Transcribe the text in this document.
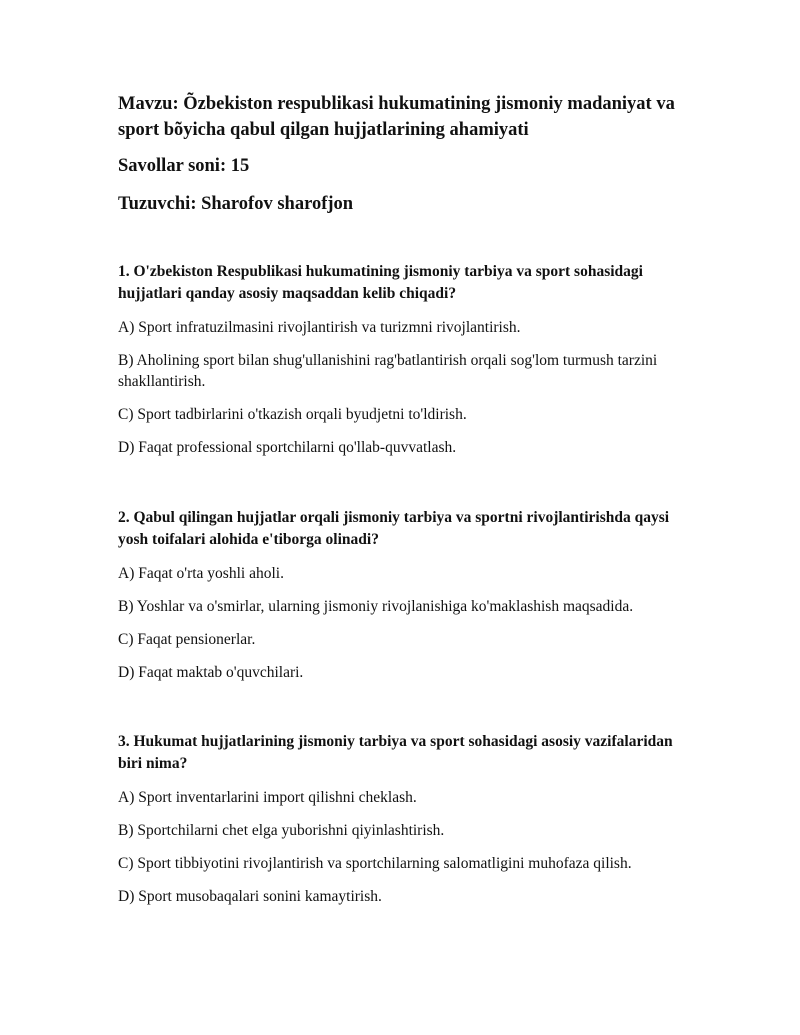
Mavzu: Õzbekiston respublikasi hukumatining jismoniy madaniyat va sport bõyicha qabul qilgan hujjatlarining ahamiyati

Savollar soni: 15

Tuzuvchi: Sharofov sharofjon

1. O'zbekiston Respublikasi hukumatining jismoniy tarbiya va sport sohasidagi hujjatlari qanday asosiy maqsaddan kelib chiqadi?

A) Sport infratuzilmasini rivojlantirish va turizmni rivojlantirish.
B) Aholining sport bilan shug'ullanishini rag'batlantirish orqali sog'lom turmush tarzini shakllantirish.
C) Sport tadbirlarini o'tkazish orqali byudjetni to'ldirish.
D) Faqat professional sportchilarni qo'llab-quvvatlash.

2. Qabul qilingan hujjatlar orqali jismoniy tarbiya va sportni rivojlantirishda qaysi yosh toifalari alohida e'tiborga olinadi?

A) Faqat o'rta yoshli aholi.
B) Yoshlar va o'smirlar, ularning jismoniy rivojlanishiga ko'maklashish maqsadida.
C) Faqat pensionerlar.
D) Faqat maktab o'quvchilari.

3. Hukumat hujjatlarining jismoniy tarbiya va sport sohasidagi asosiy vazifalaridan biri nima?

A) Sport inventarlarini import qilishni cheklash.
B) Sportchilarni chet elga yuborishni qiyinlashtirish.
C) Sport tibbiyotini rivojlantirish va sportchilarning salomatligini muhofaza qilish.
D) Sport musobaqalari sonini kamaytirish.
